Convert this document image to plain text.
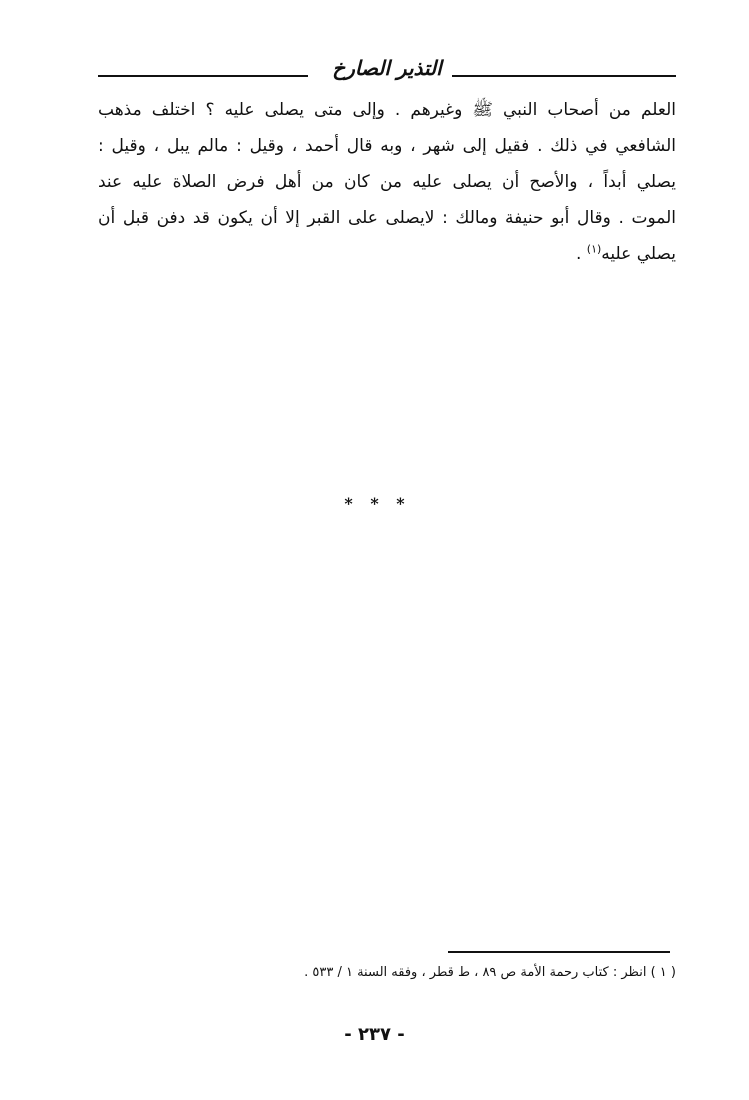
التذير الصارخ
العلم من أصحاب النبي ﷺ وغيرهم . وإلى متى يصلى عليه ؟ اختلف مذهب
الشافعي في ذلك . فقيل إلى شهر ، وبه قال أحمد ، وقيل : مالم يبل ، وقيل :
يصلي أبداً ، والأصح أن يصلى عليه من كان من أهل فرض الصلاة عليه عند
الموت . وقال أبو حنيفة ومالك : لايصلى على القبر إلا أن يكون قد دفن قبل أن
يصلي عليه$^{(١)}$ .
* * *
( ١ ) انظر : كتاب رحمة الأمة ص ٨٩ ، ط قطر ، وفقه السنة ١ / ٥٣٣ .
- ٢٣٧ -
